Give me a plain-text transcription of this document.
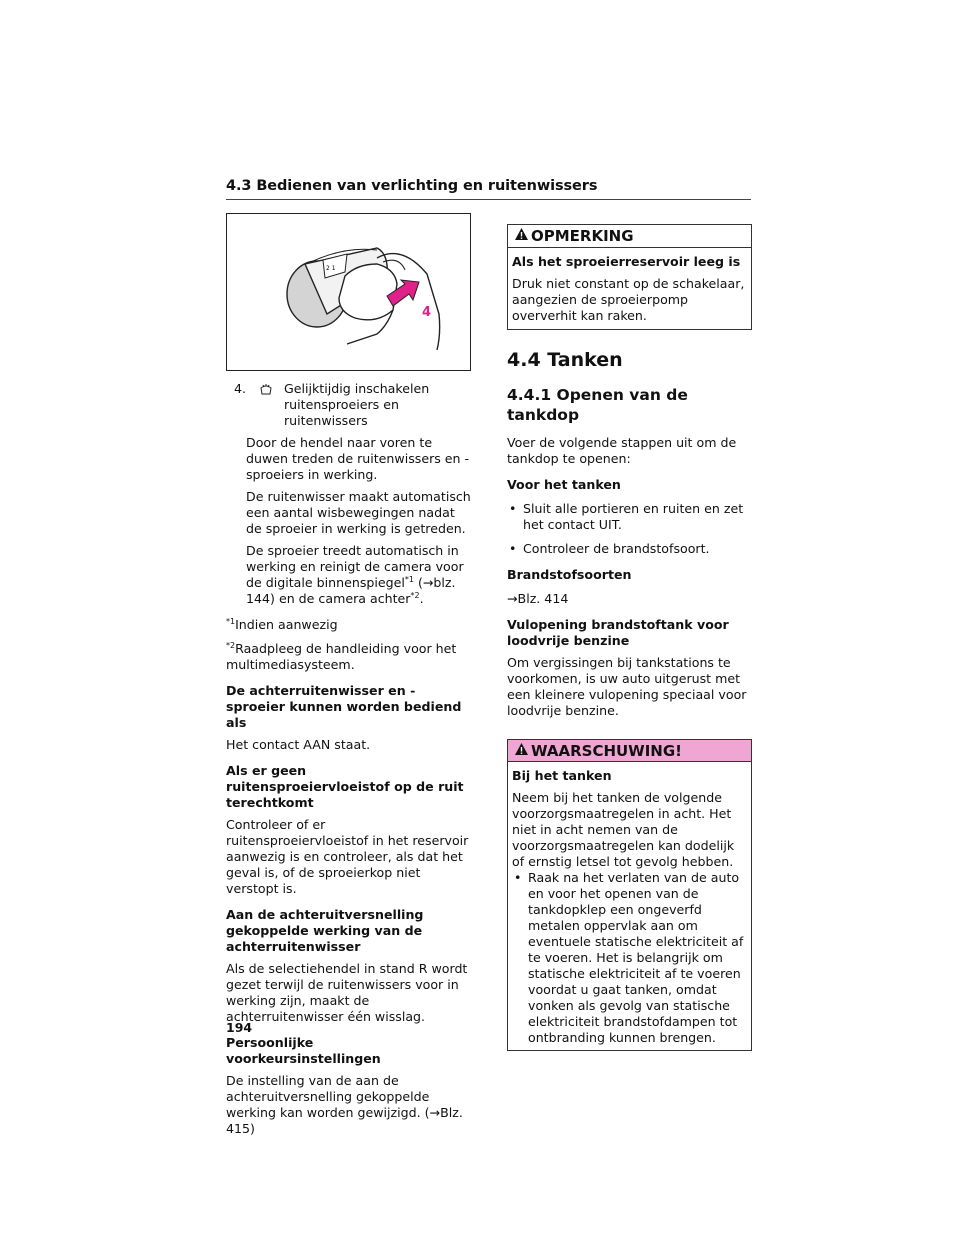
4.3 Bedienen van verlichting en ruitenwissers
2 1
4
4.	Gelijktijdig inschakelen ruitensproeiers en ruitenwissers

Door de hendel naar voren te duwen treden de ruitenwissers en -sproeiers in werking.

De ruitenwisser maakt automatisch een aantal wisbewegingen nadat de sproeier in werking is getreden.

De sproeier treedt automatisch in werking en reinigt de camera voor de digitale binnenspiegel$^{*1}$ (→blz. 144) en de camera achter$^{*2}$.

$^{*1}$Indien aanwezig

$^{*2}$Raadpleeg de handleiding voor het multimediasysteem.

De achterruitenwisser en -sproeier kunnen worden bediend als

Het contact AAN staat.

Als er geen ruitensproeiervloeistof op de ruit terechtkomt

Controleer of er ruitensproeiervloeistof in het reservoir aanwezig is en controleer, als dat het geval is, of de sproeierkop niet verstopt is.

Aan de achteruitversnelling gekoppelde werking van de achterruitenwisser

Als de selectiehendel in stand R wordt gezet terwijl de ruitenwissers voor in werking zijn, maakt de achterruitenwisser één wisslag.

Persoonlijke voorkeursinstellingen

De instelling van de aan de achteruitversnelling gekoppelde werking kan worden gewijzigd. (→Blz. 415)

OPMERKING

Als het sproeierreservoir leeg is

Druk niet constant op de schakelaar, aangezien de sproeierpomp oververhit kan raken.

4.4 Tanken
4.4.1 Openen van de tankdop

Voer de volgende stappen uit om de tankdop te openen:

Voor het tanken

• Sluit alle portieren en ruiten en zet het contact UIT.
• Controleer de brandstofsoort.

Brandstofsoorten

→Blz. 414

Vulopening brandstoftank voor loodvrije benzine

Om vergissingen bij tankstations te voorkomen, is uw auto uitgerust met een kleinere vulopening speciaal voor loodvrije benzine.

WAARSCHUWING!

Bij het tanken

Neem bij het tanken de volgende voorzorgsmaatregelen in acht. Het niet in acht nemen van de voorzorgsmaatregelen kan dodelijk of ernstig letsel tot gevolg hebben.

• Raak na het verlaten van de auto en voor het openen van de tankdopklep een ongeverfd metalen oppervlak aan om eventuele statische elektriciteit af te voeren. Het is belangrijk om statische elektriciteit af te voeren voordat u gaat tanken, omdat vonken als gevolg van statische elektriciteit brandstofdampen tot ontbranding kunnen brengen.
194
